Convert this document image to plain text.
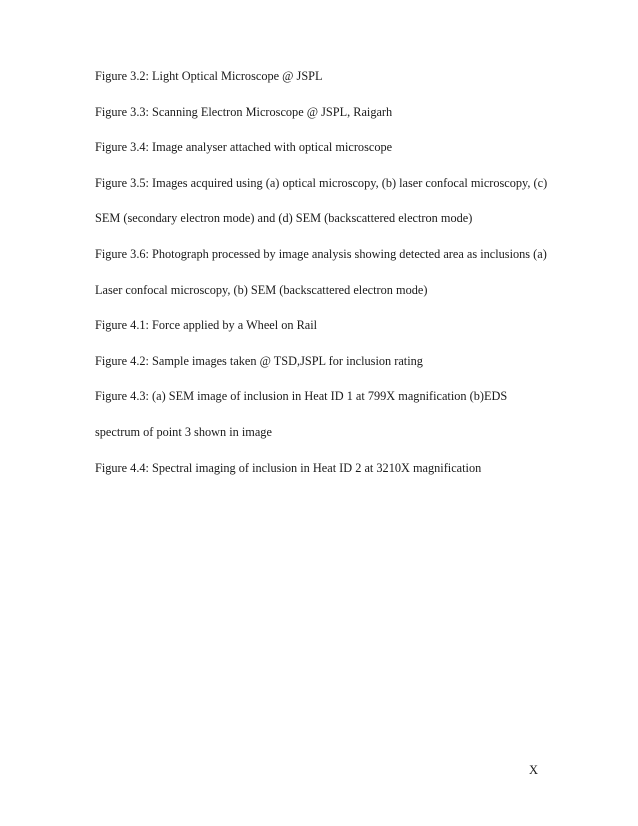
Figure 3.2: Light Optical Microscope @ JSPL
Figure 3.3: Scanning Electron Microscope @ JSPL, Raigarh
Figure 3.4: Image analyser attached with optical microscope
Figure 3.5: Images acquired using (a) optical microscopy, (b) laser confocal microscopy, (c)
SEM (secondary electron mode) and (d) SEM (backscattered electron mode)
Figure 3.6: Photograph processed by image analysis showing detected area as inclusions (a)
Laser confocal microscopy, (b) SEM (backscattered electron mode)
Figure 4.1: Force applied by a Wheel on Rail
Figure 4.2: Sample images taken @ TSD,JSPL for inclusion rating
Figure 4.3: (a) SEM image of inclusion in Heat ID 1 at 799X magnification (b)EDS
spectrum of point 3 shown in image
Figure 4.4: Spectral imaging of inclusion in Heat ID 2 at 3210X magnification
X
